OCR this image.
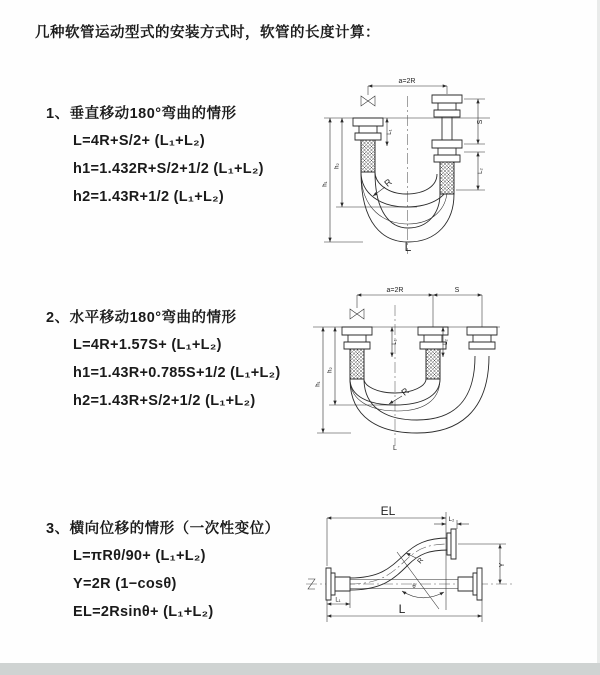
几种软管运动型式的安装方式时，软管的长度计算：
1、垂直移动180°弯曲的情形
L=4R+S/2+ (L₁+L₂)
h1=1.432R+S/2+1/2 (L₁+L₂)
h2=1.43R+1/2 (L₁+L₂)
2、水平移动180°弯曲的情形
L=4R+1.57S+ (L₁+L₂)
h1=1.43R+0.785S+1/2 (L₁+L₂)
h2=1.43R+S/2+1/2 (L₁+L₂)
3、横向位移的情形（一次性变位）
L=πRθ/90+ (L₁+L₂)
Y=2R (1−cosθ)
EL=2Rsinθ+ (L₁+L₂)
a=2R
S
L₂
L₁
h₁
h₂
R
L
a=2R	S
L₁	L₂
h₁
h₂
R
L
EL
L₂
Y
θ
R
L₁
L
